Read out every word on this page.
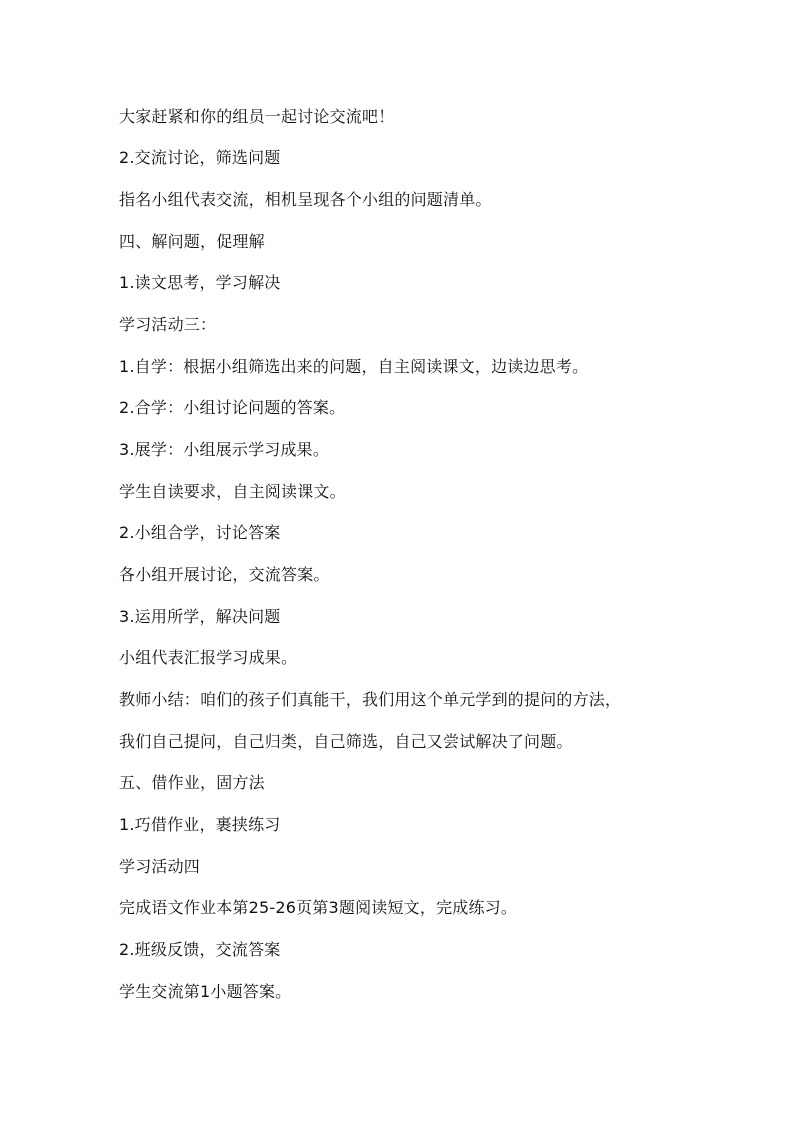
大家赶紧和你的组员一起讨论交流吧！
2.交流讨论，筛选问题
指名小组代表交流，相机呈现各个小组的问题清单。
四、解问题，促理解
1.读文思考，学习解决
学习活动三：
1.自学：根据小组筛选出来的问题，自主阅读课文，边读边思考。
2.合学：小组讨论问题的答案。
3.展学：小组展示学习成果。
学生自读要求，自主阅读课文。
2.小组合学，讨论答案
各小组开展讨论，交流答案。
3.运用所学，解决问题
小组代表汇报学习成果。
教师小结：咱们的孩子们真能干，我们用这个单元学到的提问的方法，
我们自己提问，自己归类，自己筛选，自己又尝试解决了问题。
五、借作业，固方法
1.巧借作业，裹挟练习
学习活动四
完成语文作业本第25-26页第3题阅读短文，完成练习。
2.班级反馈，交流答案
学生交流第1小题答案。
